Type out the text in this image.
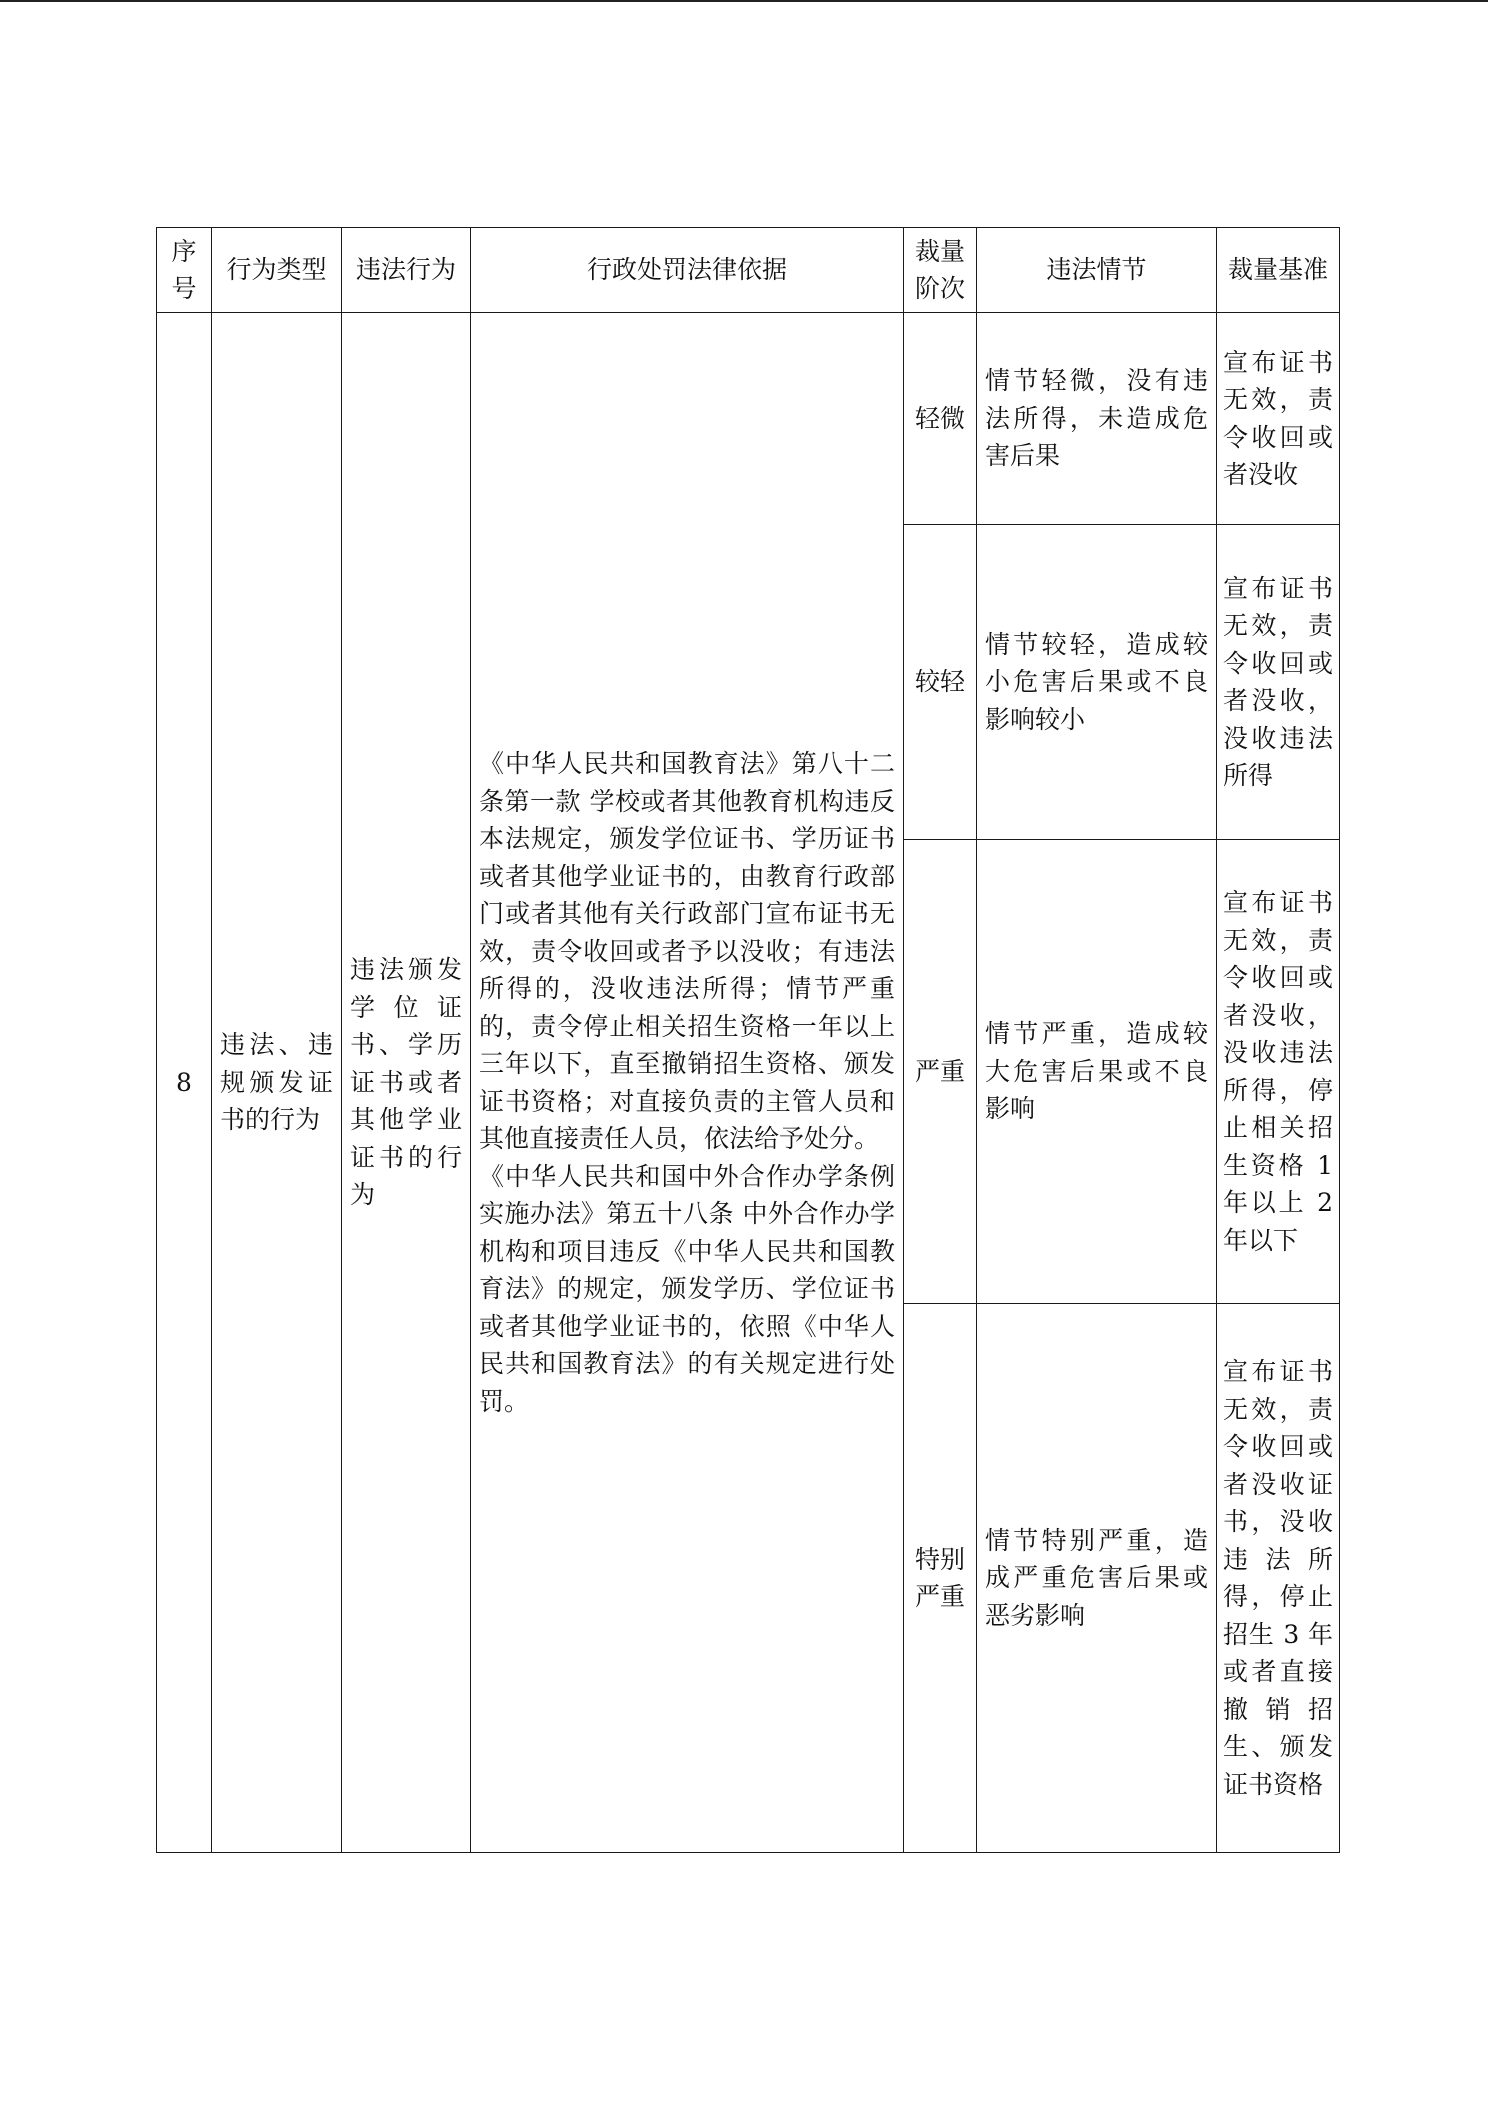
序号	行为类型	违法行为	行政处罚法律依据	裁量阶次	违法情节	裁量基准

8	违法、违规颁发证书的行为	违法颁发学位证书、学历证书或者其他学业证书的行为	《中华人民共和国教育法》第八十二条第一款 学校或者其他教育机构违反本法规定，颁发学位证书、学历证书或者其他学业证书的，由教育行政部门或者其他有关行政部门宣布证书无效，责令收回或者予以没收；有违法所得的，没收违法所得；情节严重的，责令停止相关招生资格一年以上三年以下，直至撤销招生资格、颁发证书资格；对直接负责的主管人员和其他直接责任人员，依法给予处分。
《中华人民共和国中外合作办学条例实施办法》第五十八条 中外合作办学机构和项目违反《中华人民共和国教育法》的规定，颁发学历、学位证书或者其他学业证书的，依照《中华人民共和国教育法》的有关规定进行处罚。	轻微	情节轻微，没有违法所得，未造成危害后果	宣布证书无效，责令收回或者没收

				较轻	情节较轻，造成较小危害后果或不良影响较小	宣布证书无效，责令收回或者没收，没收违法所得

				严重	情节严重，造成较大危害后果或不良影响	宣布证书无效，责令收回或者没收，没收违法所得，停止相关招生资格 1 年以上 2 年以下

				特别严重	情节特别严重，造成严重危害后果或恶劣影响	宣布证书无效，责令收回或者没收证书，没收违法所得，停止招生 3 年或者直接撤销招生、颁发证书资格
